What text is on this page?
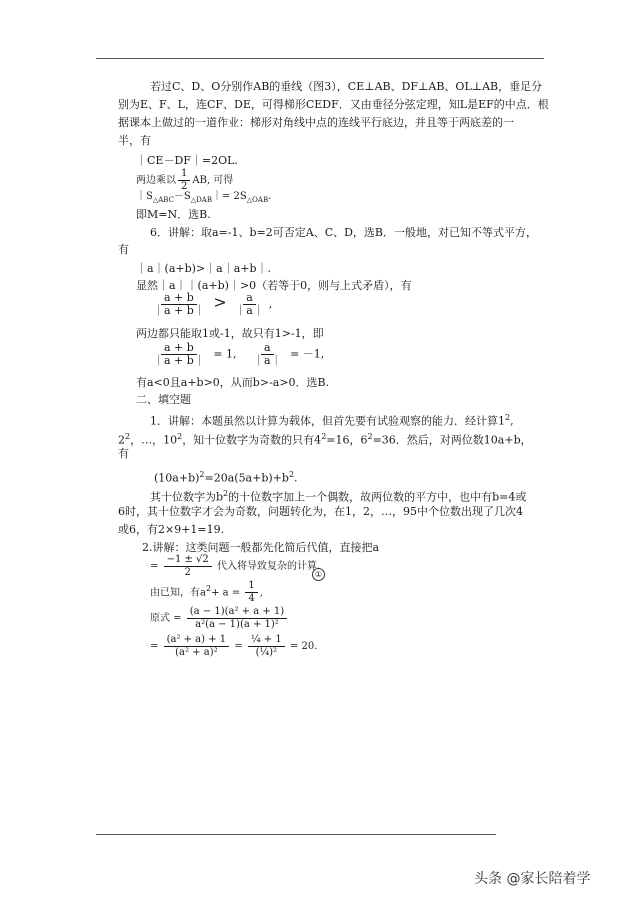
若过C、D、O分别作AB的垂线（图3），CE⊥AB、DF⊥AB、OL⊥AB，垂足分
别为E、F、L，连CF、DE，可得梯形CEDF．又由垂径分弦定理，知L是EF的中点．根
据课本上做过的一道作业：梯形对角线中点的连线平行底边，并且等于两底差的一
半，有
｜CE－DF｜=2OL.
两边乘以 $\frac{1}{2}$ AB, 可得
$|S_{\triangle ABC}-S_{\triangle DAB}|= 2S_{\triangle OAB}$.
即M=N．选B.
6．讲解：取a=-1、b=2可否定A、C、D，选B．一般地，对已知不等式平方，
有
｜a｜(a+b)>｜a｜a+b｜.
显然｜a｜｜(a+b)｜>0（若等于0，则与上式矛盾），有
$\frac{a + b}{|a + b|} > \frac{a}{|a|}$ ,
两边都只能取1或-1，故只有1>-1，即
$\frac{a + b}{|a + b|} = 1$, $\frac{a}{|a|} = -1$,
有a<0且a+b>0，从而b>-a>0．选B.
二、填空题
1．讲解：本题虽然以计算为载体，但首先要有试验观察的能力．经计算$1^2$,
$2^2$，…，$10^2$，知十位数字为奇数的只有$4^2=16$，$6^2=36$．然后，对两位数10a+b，
有
$(10a+b)^2=20a(5a+b)+b^2$.
其十位数字为$b^2$的十位数字加上一个偶数，故两位数的平方中，也中有b=4或
6时，其十位数字才会为奇数，问题转化为，在1，2，…，95中个位数出现了几次4
或6，有2×9+1=19.
2.讲解：这类问题一般都先化简后代值，直接把a
= $\frac{-1 \pm √2}{2}$ 代入将导致复杂的计算.
由已知，有$a^2+ a = \frac{1}{4}$ ,
原式 = $\frac{\text{(a − 1)(a² + a + 1)}}{\text{a²(a − 1)(a + 1)²}}$
= $\frac{\text{(a² + a) + 1}}{\text{(a² + a)²}} = \frac{\text{¼ + 1}}{\text{(¼)²}} = 20$.
①
头条 @家长陪着学
